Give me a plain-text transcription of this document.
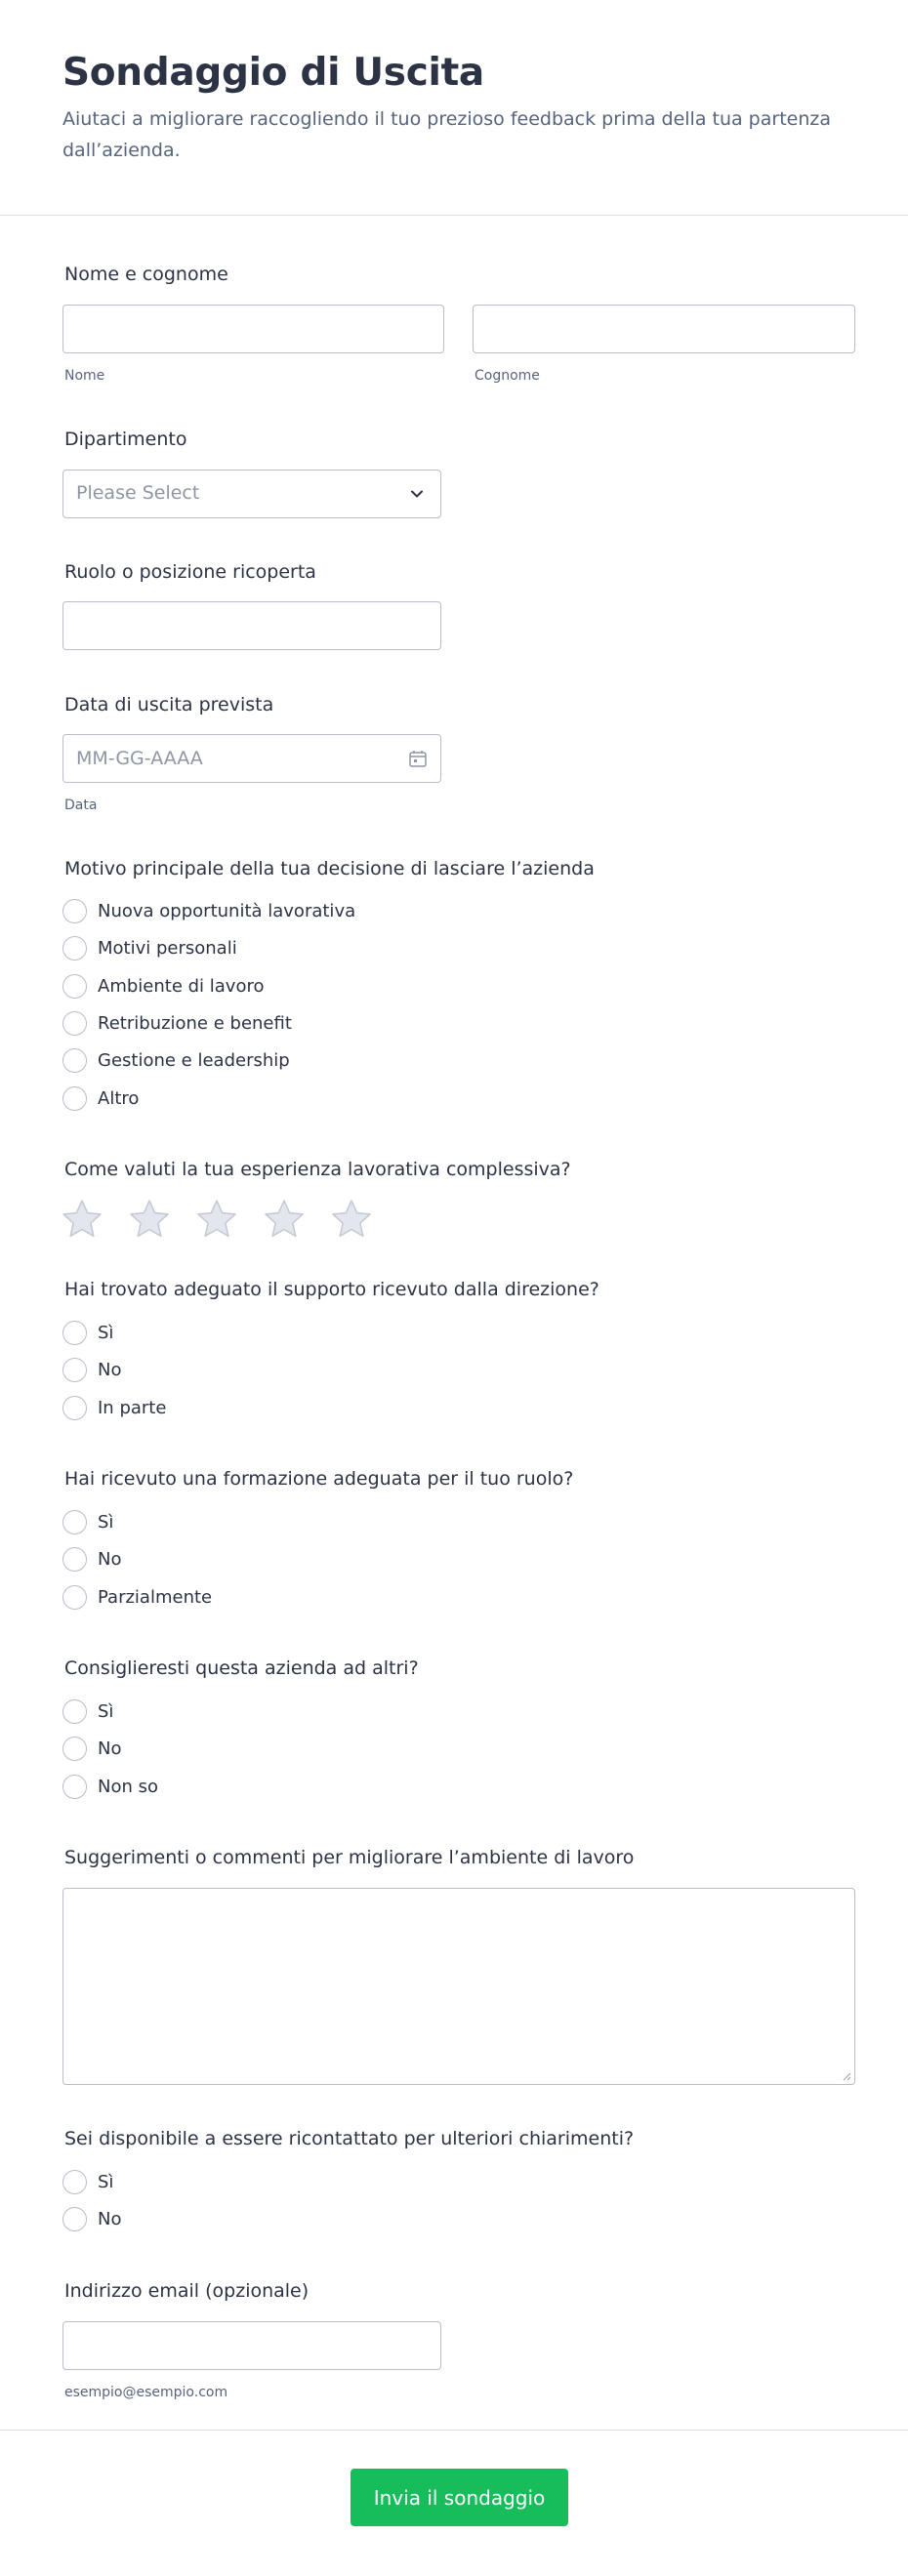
Sondaggio di Uscita

Aiutaci a migliorare raccogliendo il tuo prezioso feedback prima della tua partenza dall’azienda.

Nome e cognome
Nome	Cognome
Dipartimento
Please Select
Ruolo o posizione ricoperta
Data di uscita prevista
MM-GG-AAAA
Data
Motivo principale della tua decisione di lasciare l’azienda
Nuova opportunità lavorativa
Motivi personali
Ambiente di lavoro
Retribuzione e benefit
Gestione e leadership
Altro
Come valuti la tua esperienza lavorativa complessiva?
Hai trovato adeguato il supporto ricevuto dalla direzione?
Sì
No
In parte
Hai ricevuto una formazione adeguata per il tuo ruolo?
Sì
No
Parzialmente
Consiglieresti questa azienda ad altri?
Sì
No
Non so
Suggerimenti o commenti per migliorare l’ambiente di lavoro
Sei disponibile a essere ricontattato per ulteriori chiarimenti?
Sì
No
Indirizzo email (opzionale)
esempio@esempio.com
Invia il sondaggio
